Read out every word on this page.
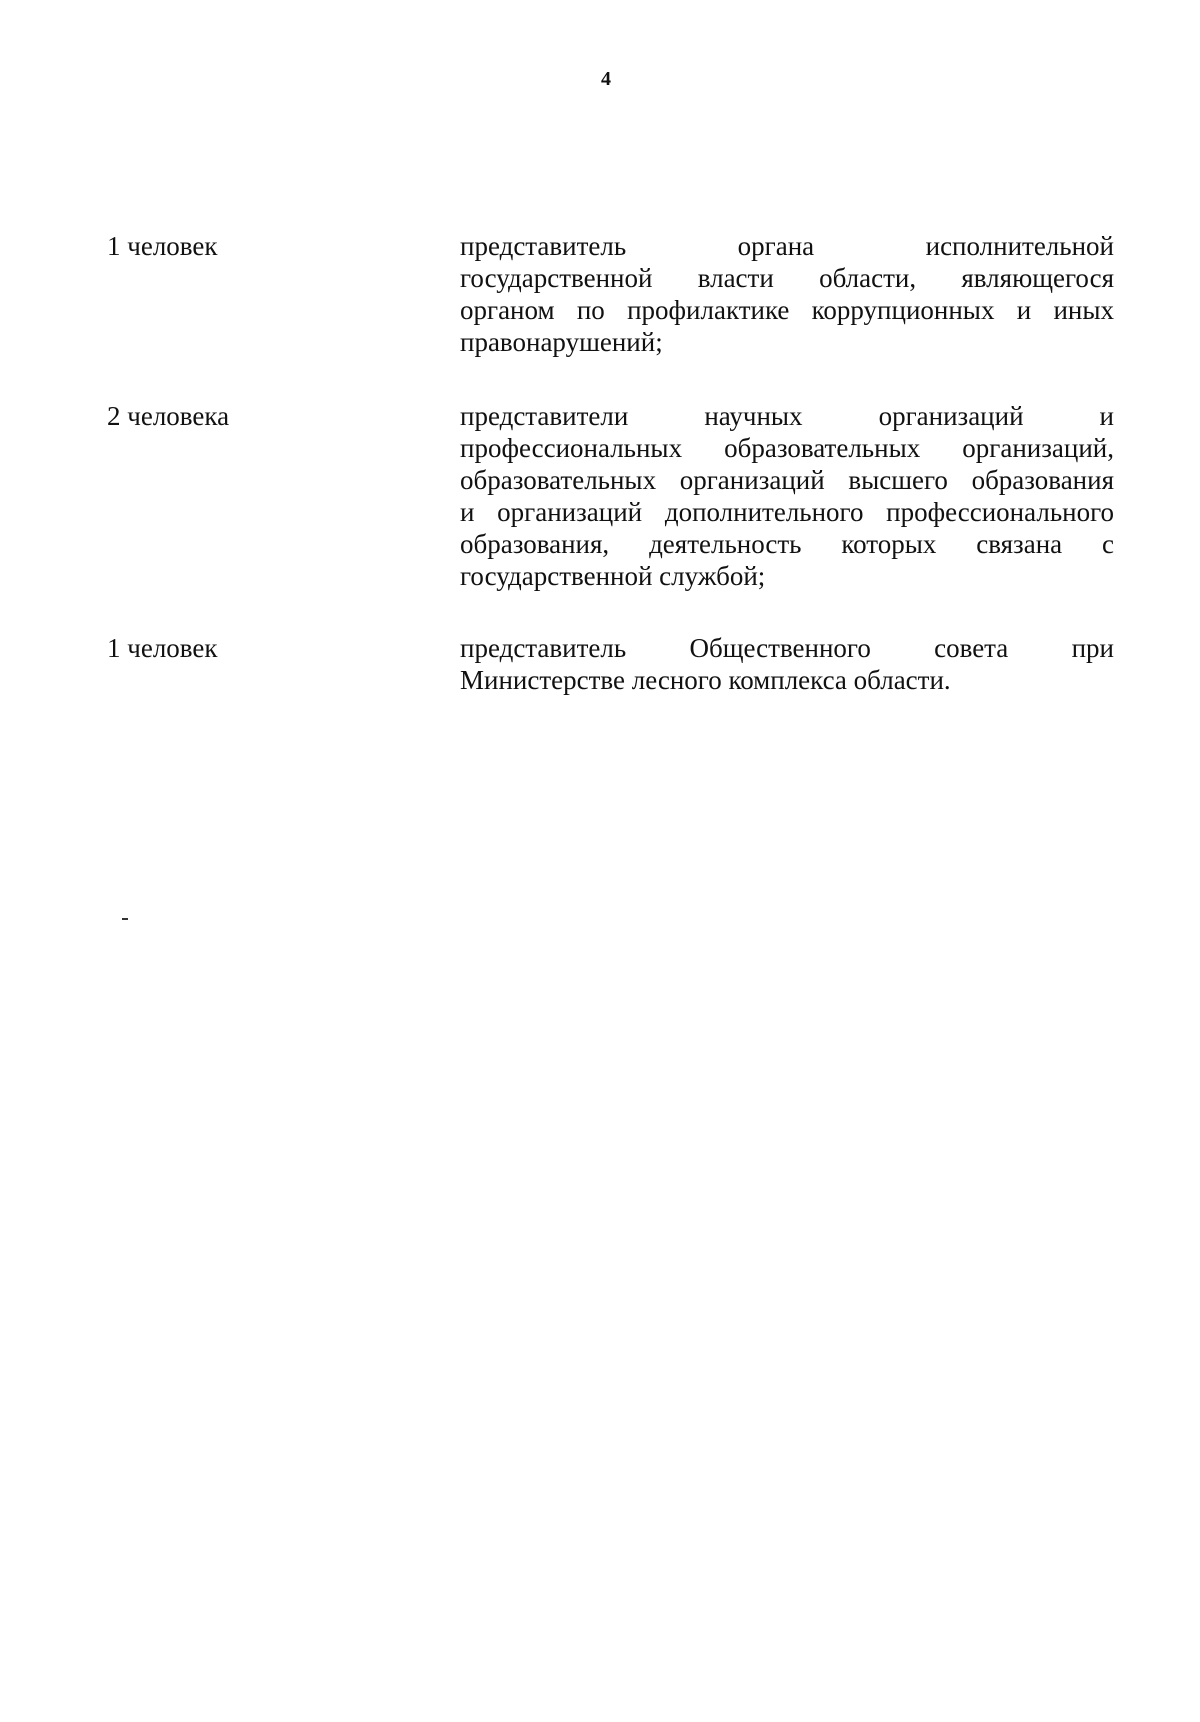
4
1 человек	представитель органа исполнительной
государственной власти области, являющегося
органом по профилактике коррупционных и иных
правонарушений;
2 человека	представители научных организаций и
профессиональных образовательных организаций,
образовательных организаций высшего образования
и организаций дополнительного профессионального
образования, деятельность которых связана с
государственной службой;
1 человек	представитель Общественного совета при
Министерстве лесного комплекса области.
